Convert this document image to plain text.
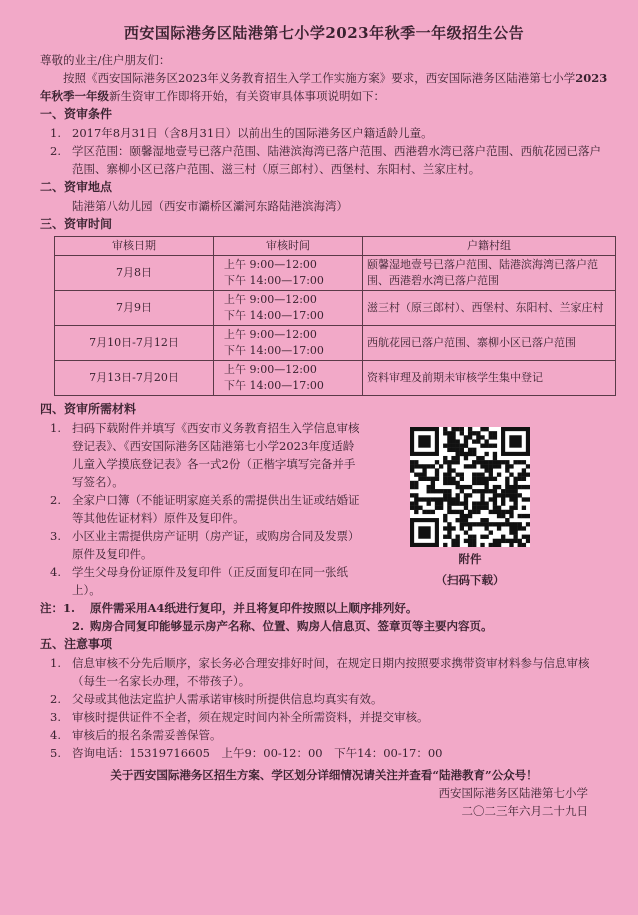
西安国际港务区陆港第七小学2023年秋季一年级招生公告

尊敬的业主/住户朋友们：

按照《西安国际港务区2023年义务教育招生入学工作实施方案》要求，西安国际港务区陆港第七小学2023年秋季一年级新生资审工作即将开始，有关资审具体事项说明如下：

一、资审条件
1. 2017年8月31日（含8月31日）以前出生的国际港务区户籍适龄儿童。
2. 学区范围：颐馨湿地壹号已落户范围、陆港滨海湾已落户范围、西港碧水湾已落户范围、西航花园已落户范围、寨柳小区已落户范围、滋三村（原三郎村）、西堡村、东阳村、兰家庄村。
二、资审地点

陆港第八幼儿园（西安市灞桥区灞河东路陆港滨海湾）

三、资审时间
审核日期	审核时间	户籍村组
7月8日	上午 9:00—12:00
下午 14:00—17:00	颐馨湿地壹号已落户范围、陆港滨海湾已落户范围、西港碧水湾已落户范围
7月9日	上午 9:00—12:00
下午 14:00—17:00	滋三村（原三郎村）、西堡村、东阳村、兰家庄村
7月10日-7月12日	上午 9:00—12:00
下午 14:00—17:00	西航花园已落户范围、寨柳小区已落户范围
7月13日-7月20日	上午 9:00—12:00
下午 14:00—17:00	资料审理及前期未审核学生集中登记
四、资审所需材料
1. 扫码下载附件并填写《西安市义务教育招生入学信息审核登记表》、《西安国际港务区陆港第七小学2023年度适龄儿童入学摸底登记表》各一式2份（正楷字填写完备并手写签名）。
2. 全家户口簿（不能证明家庭关系的需提供出生证或结婚证等其他佐证材料）原件及复印件。
3. 小区业主需提供房产证明（房产证，或购房合同及发票）原件及复印件。
4. 学生父母身份证原件及复印件（正反面复印在同一张纸上）。
附件
（扫码下载）
注：1.	原件需采用A4纸进行复印，并且将复印件按照以上顺序排列好。
2. 购房合同复印能够显示房产名称、位置、购房人信息页、签章页等主要内容页。
五、注意事项
1. 信息审核不分先后顺序，家长务必合理安排好时间，在规定日期内按照要求携带资审材料参与信息审核（每生一名家长办理，不带孩子）。
2. 父母或其他法定监护人需承诺审核时所提供信息均真实有效。
3. 审核时提供证件不全者，须在规定时间内补全所需资料，并提交审核。
4. 审核后的报名条需妥善保管。
5. 咨询电话：15319716605　上午9：00-12：00　下午14：00-17：00
关于西安国际港务区招生方案、学区划分详细情况请关注并查看“陆港教育”公众号！
西安国际港务区陆港第七小学
二〇二三年六月二十九日
